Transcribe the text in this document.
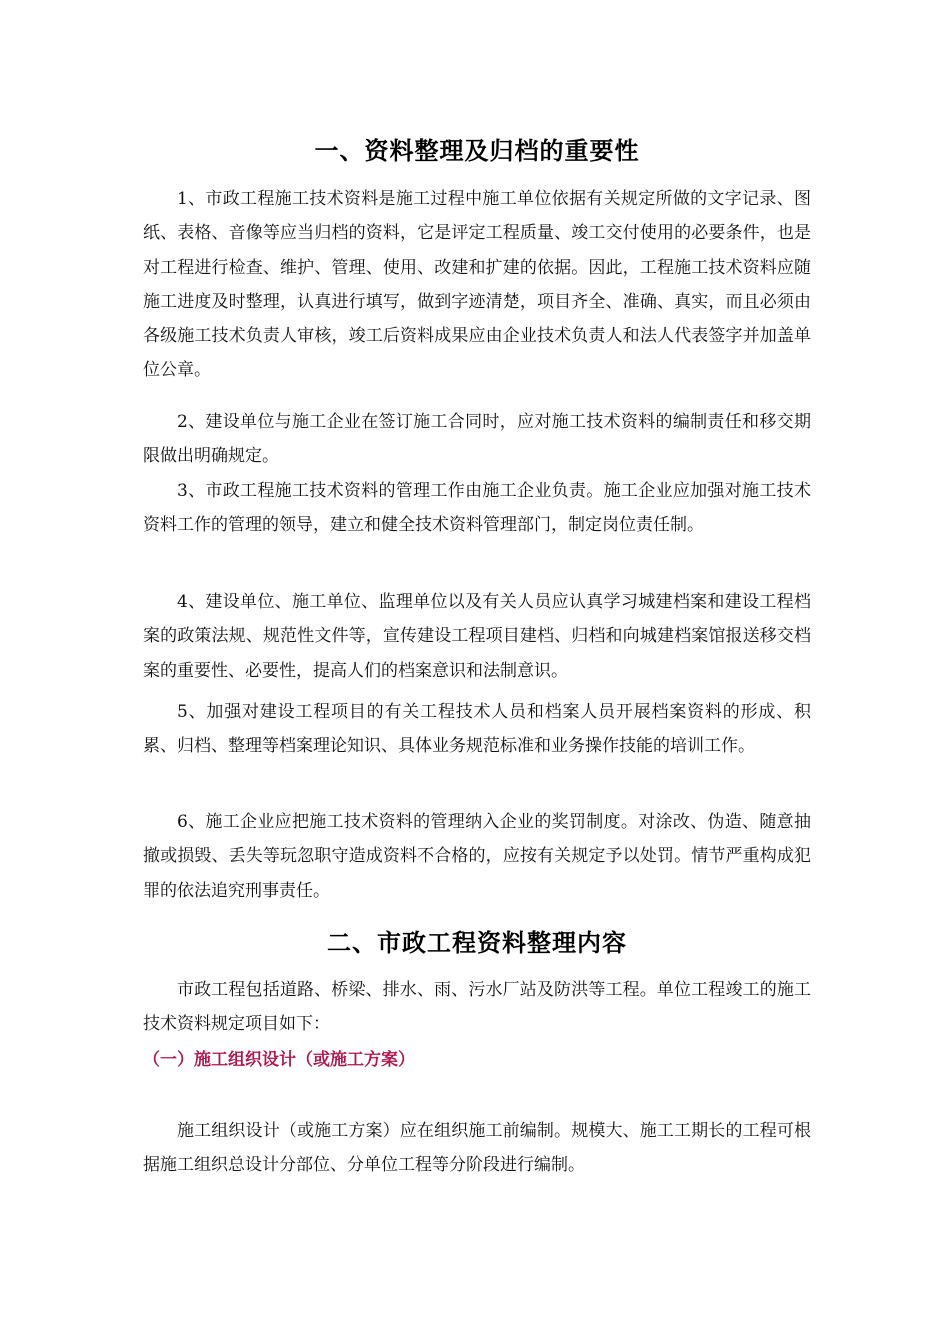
一、资料整理及归档的重要性

1、市政工程施工技术资料是施工过程中施工单位依据有关规定所做的文字记录、图纸、表格、音像等应当归档的资料，它是评定工程质量、竣工交付使用的必要条件，也是对工程进行检查、维护、管理、使用、改建和扩建的依据。因此，工程施工技术资料应随施工进度及时整理，认真进行填写，做到字迹清楚，项目齐全、准确、真实，而且必须由各级施工技术负责人审核，竣工后资料成果应由企业技术负责人和法人代表签字并加盖单位公章。

2、建设单位与施工企业在签订施工合同时，应对施工技术资料的编制责任和移交期限做出明确规定。

3、市政工程施工技术资料的管理工作由施工企业负责。施工企业应加强对施工技术资料工作的管理的领导，建立和健全技术资料管理部门，制定岗位责任制。

4、建设单位、施工单位、监理单位以及有关人员应认真学习城建档案和建设工程档案的政策法规、规范性文件等，宣传建设工程项目建档、归档和向城建档案馆报送移交档案的重要性、必要性，提高人们的档案意识和法制意识。

5、加强对建设工程项目的有关工程技术人员和档案人员开展档案资料的形成、积累、归档、整理等档案理论知识、具体业务规范标准和业务操作技能的培训工作。

6、施工企业应把施工技术资料的管理纳入企业的奖罚制度。对涂改、伪造、随意抽撤或损毁、丢失等玩忽职守造成资料不合格的，应按有关规定予以处罚。情节严重构成犯罪的依法追究刑事责任。

二、市政工程资料整理内容

市政工程包括道路、桥梁、排水、雨、污水厂站及防洪等工程。单位工程竣工的施工技术资料规定项目如下：

（一）施工组织设计（或施工方案）

施工组织设计（或施工方案）应在组织施工前编制。规模大、施工工期长的工程可根据施工组织总设计分部位、分单位工程等分阶段进行编制。
